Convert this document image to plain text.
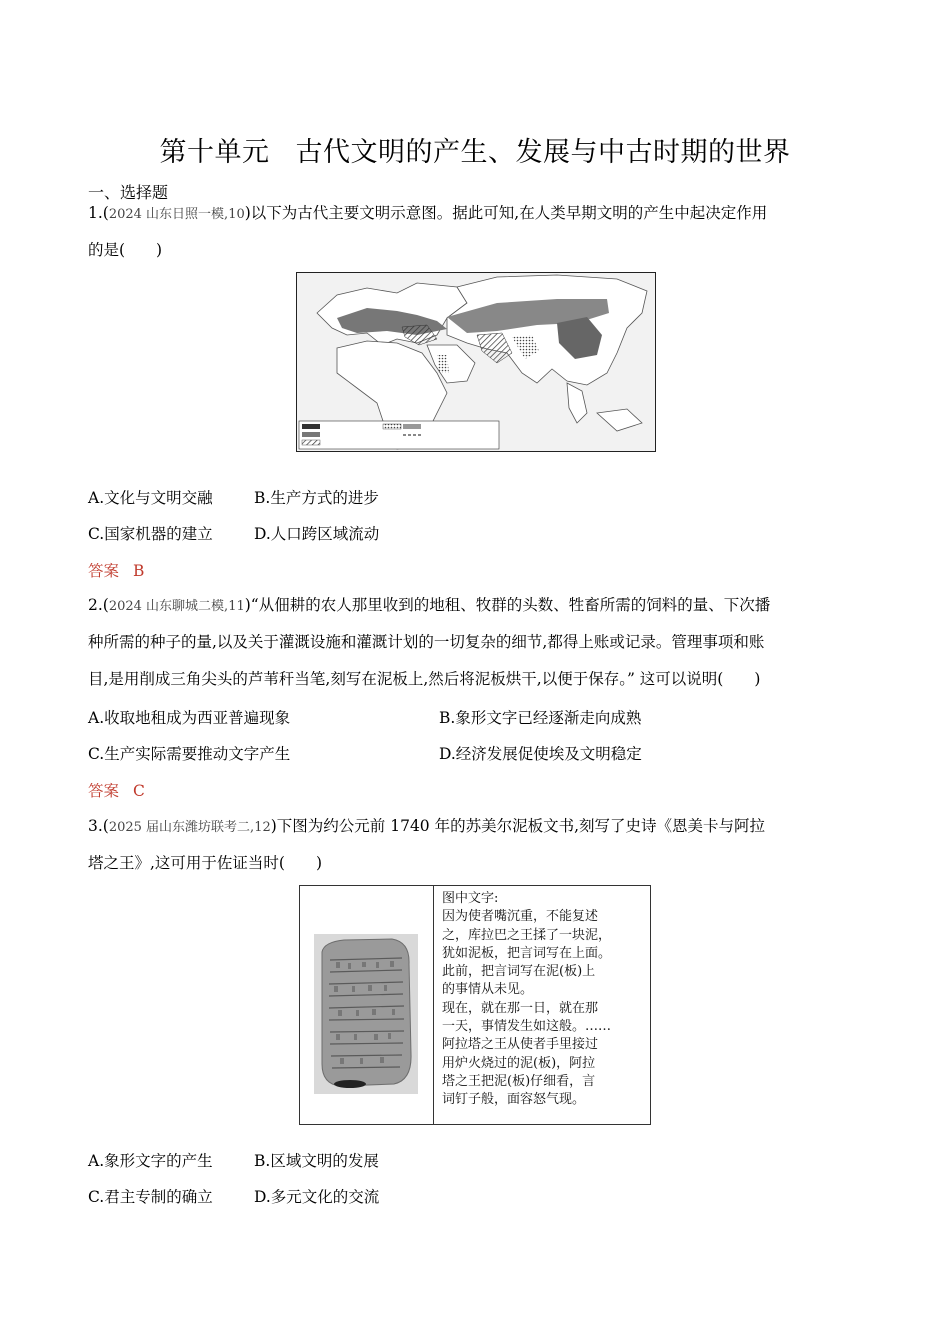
第十单元 古代文明的产生、发展与中古时期的世界
一、选择题
1.(2024 山东日照一模,10)以下为古代主要文明示意图。据此可知,在人类早期文明的产生中起决定作用
的是(　　)
A.文化与文明交融	B.生产方式的进步
C.国家机器的建立	D.人口跨区域流动
答案 B
2.(2024 山东聊城二模,11)“从佃耕的农人那里收到的地租、牧群的头数、牲畜所需的饲料的量、下次播
种所需的种子的量,以及关于灌溉设施和灌溉计划的一切复杂的细节,都得上账或记录。管理事项和账
目,是用削成三角尖头的芦苇秆当笔,刻写在泥板上,然后将泥板烘干,以便于保存。” 这可以说明(　　)
A.收取地租成为西亚普遍现象	B.象形文字已经逐渐走向成熟
C.生产实际需要推动文字产生	D.经济发展促使埃及文明稳定
答案 C
3.(2025 届山东潍坊联考二,12)下图为约公元前 1740 年的苏美尔泥板文书,刻写了史诗《恩美卡与阿拉
塔之王》,这可用于佐证当时(　　)
图中文字:
因为使者嘴沉重，不能复述
之，库拉巴之王揉了一块泥，
犹如泥板，把言词写在上面。
此前，把言词写在泥(板)上
的事情从未见。
现在，就在那一日，就在那
一天，事情发生如这般。……
阿拉塔之王从使者手里接过
用炉火烧过的泥(板)，阿拉
塔之王把泥(板)仔细看，言
词钉子般，面容怒气现。
A.象形文字的产生	B.区域文明的发展
C.君主专制的确立	D.多元文化的交流
